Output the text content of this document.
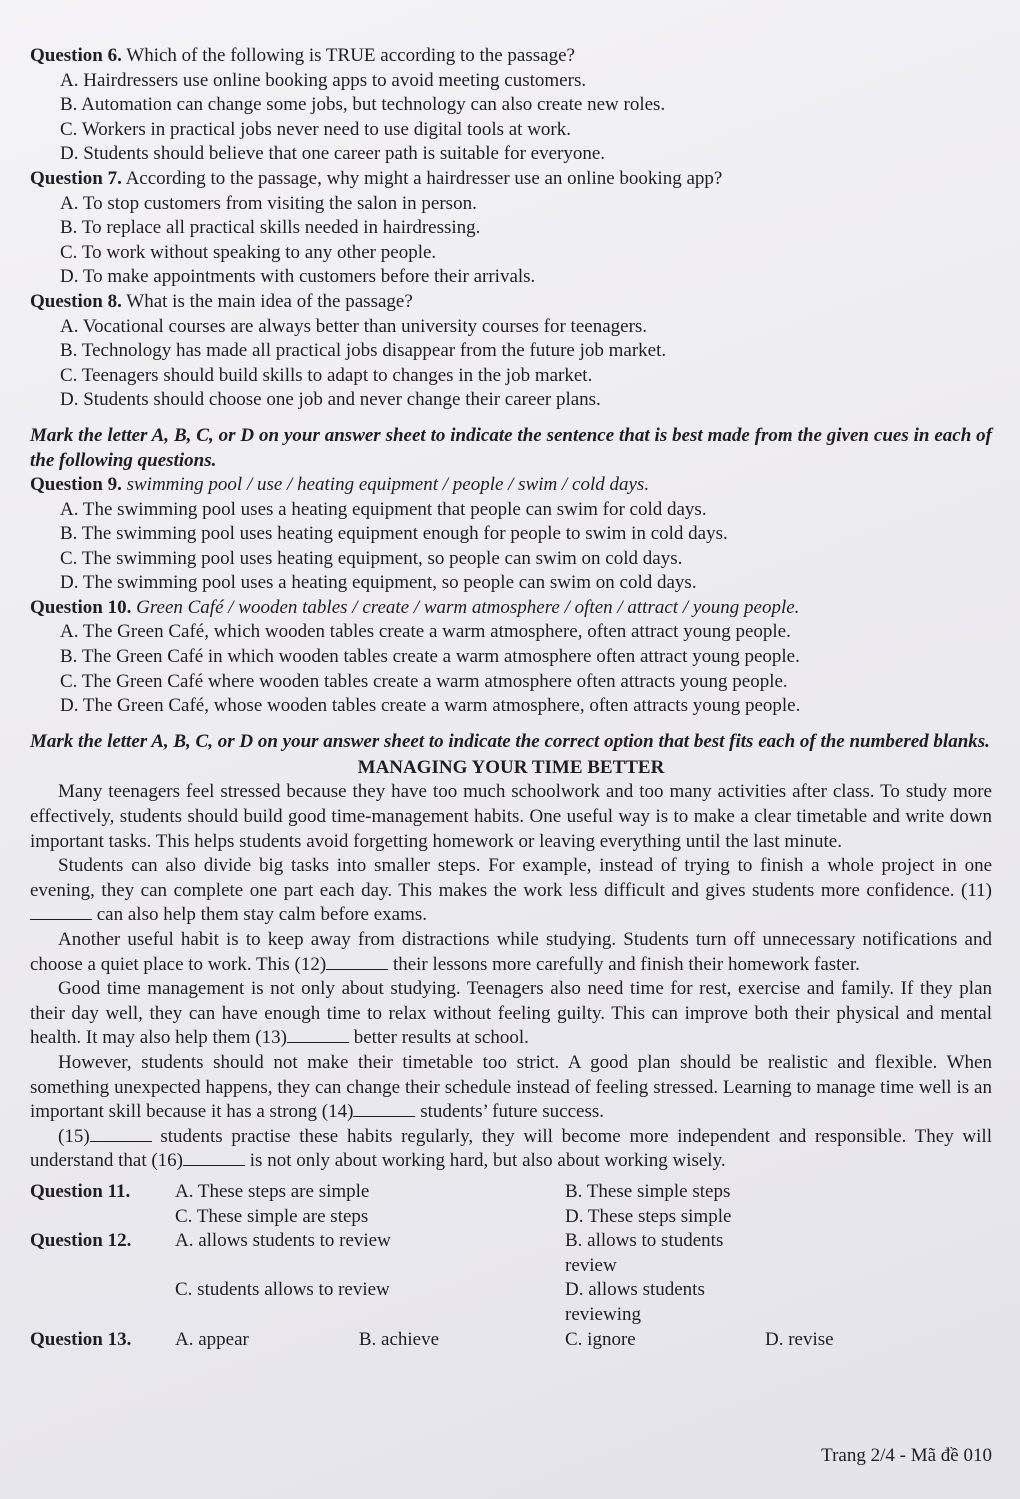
Question 6. Which of the following is TRUE according to the passage?
A. Hairdressers use online booking apps to avoid meeting customers.
B. Automation can change some jobs, but technology can also create new roles.
C. Workers in practical jobs never need to use digital tools at work.
D. Students should believe that one career path is suitable for everyone.
Question 7. According to the passage, why might a hairdresser use an online booking app?
A. To stop customers from visiting the salon in person.
B. To replace all practical skills needed in hairdressing.
C. To work without speaking to any other people.
D. To make appointments with customers before their arrivals.
Question 8. What is the main idea of the passage?
A. Vocational courses are always better than university courses for teenagers.
B. Technology has made all practical jobs disappear from the future job market.
C. Teenagers should build skills to adapt to changes in the job market.
D. Students should choose one job and never change their career plans.
Mark the letter A, B, C, or D on your answer sheet to indicate the sentence that is best made from the given cues in each of the following questions.
Question 9. swimming pool / use / heating equipment / people / swim / cold days.
A. The swimming pool uses a heating equipment that people can swim for cold days.
B. The swimming pool uses heating equipment enough for people to swim in cold days.
C. The swimming pool uses heating equipment, so people can swim on cold days.
D. The swimming pool uses a heating equipment, so people can swim on cold days.
Question 10. Green Café / wooden tables / create / warm atmosphere / often / attract / young people.
A. The Green Café, which wooden tables create a warm atmosphere, often attract young people.
B. The Green Café in which wooden tables create a warm atmosphere often attract young people.
C. The Green Café where wooden tables create a warm atmosphere often attracts young people.
D. The Green Café, whose wooden tables create a warm atmosphere, often attracts young people.
Mark the letter A, B, C, or D on your answer sheet to indicate the correct option that best fits each of the numbered blanks.
MANAGING YOUR TIME BETTER
Many teenagers feel stressed because they have too much schoolwork and too many activities after class. To study more effectively, students should build good time-management habits. One useful way is to make a clear timetable and write down important tasks. This helps students avoid forgetting homework or leaving everything until the last minute.
Students can also divide big tasks into smaller steps. For example, instead of trying to finish a whole project in one evening, they can complete one part each day. This makes the work less difficult and gives students more confidence. (11) can also help them stay calm before exams.
Another useful habit is to keep away from distractions while studying. Students turn off unnecessary notifications and choose a quiet place to work. This (12)	their lessons more carefully and finish their homework faster.
Good time management is not only about studying. Teenagers also need time for rest, exercise and family. If they plan their day well, they can have enough time to relax without feeling guilty. This can improve both their physical and mental health. It may also help them (13)	better results at school.
However, students should not make their timetable too strict. A good plan should be realistic and flexible. When something unexpected happens, they can change their schedule instead of feeling stressed. Learning to manage time well is an important skill because it has a strong (14)	students’ future success.
(15)	students practise these habits regularly, they will become more independent and responsible. They will understand that (16)	is not only about working hard, but also about working wisely.
Question 11.	A. These steps are simple	B. These simple steps
C. These simple are steps	D. These steps simple
Question 12.	A. allows students to review	B. allows to students review
C. students allows to review	D. allows students reviewing
Question 13.	A. appear	B. achieve	C. ignore	D. revise
Trang 2/4 - Mã đề 010
